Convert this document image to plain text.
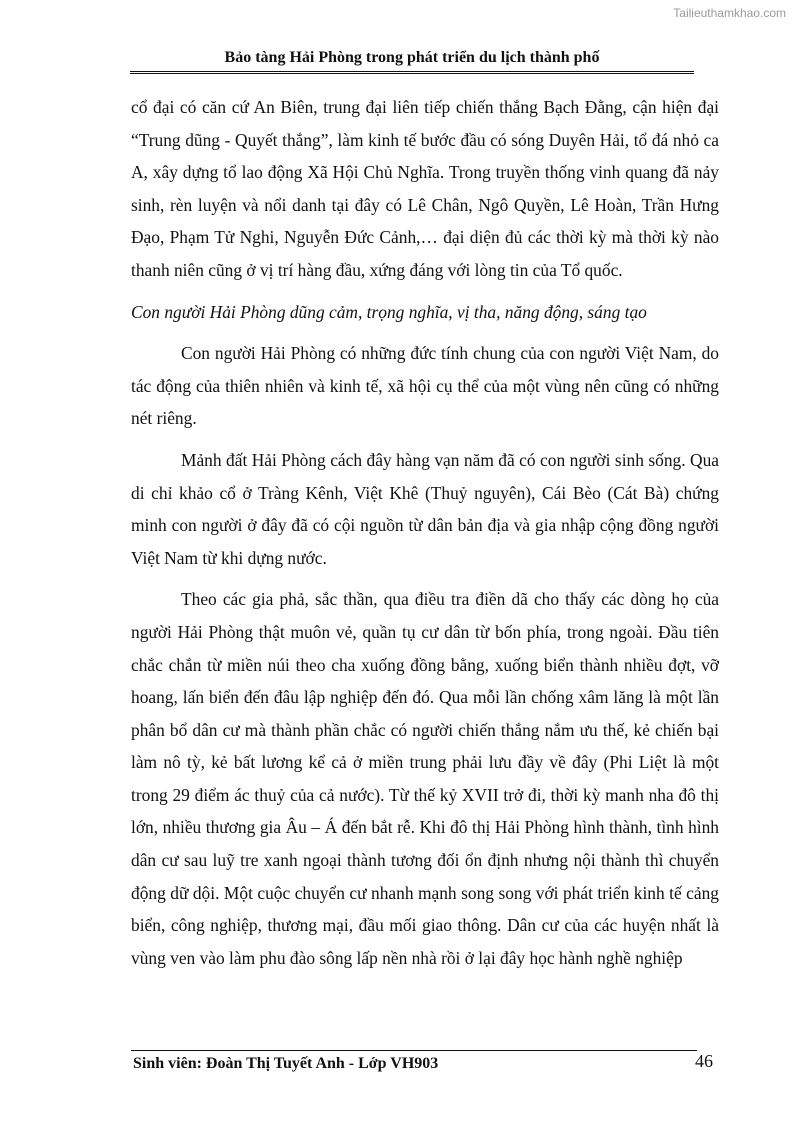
Tailieuthamkhao.com
Bảo tàng Hải Phòng trong phát triển du lịch thành phố

cổ đại có căn cứ An Biên, trung đại liên tiếp chiến thắng Bạch Đằng, cận hiện đại “Trung dũng - Quyết thắng”, làm kinh tế bước đầu có sóng Duyên Hải, tổ đá nhỏ ca A, xây dựng tổ lao động Xã Hội Chủ Nghĩa. Trong truyền thống vinh quang đã nảy sinh, rèn luyện và nổi danh tại đây có Lê Chân, Ngô Quyền, Lê Hoàn, Trần Hưng Đạo, Phạm Tử Nghi, Nguyễn Đức Cảnh,… đại diện đủ các thời kỳ mà thời kỳ nào thanh niên cũng ở vị trí hàng đầu, xứng đáng với lòng tin của Tổ quốc.

Con người Hải Phòng dũng cảm, trọng nghĩa, vị tha, năng động, sáng tạo

Con người Hải Phòng có những đức tính chung của con người Việt Nam, do tác động của thiên nhiên và kinh tế, xã hội cụ thể của một vùng nên cũng có những nét riêng.

Mảnh đất Hải Phòng cách đây hàng vạn năm đã có con người sinh sống. Qua di chỉ khảo cổ ở Tràng Kênh, Việt Khê (Thuỷ nguyên), Cái Bèo (Cát Bà) chứng minh con người ở đây đã có cội nguồn từ dân bản địa và gia nhập cộng đồng người Việt Nam từ khi dựng nước.

Theo các gia phả, sắc thần, qua điều tra điền dã cho thấy các dòng họ của người Hải Phòng thật muôn vẻ, quần tụ cư dân từ bốn phía, trong ngoài. Đầu tiên chắc chắn từ miền núi theo cha xuống đồng bằng, xuống biển thành nhiều đợt, vỡ hoang, lấn biển đến đâu lập nghiệp đến đó. Qua mỗi lần chống xâm lăng là một lần phân bổ dân cư mà thành phần chắc có người chiến thắng nắm ưu thế, kẻ chiến bại làm nô tỳ, kẻ bất lương kể cả ở miền trung phải lưu đầy về đây (Phi Liệt là một trong 29 điểm ác thuỷ của cả nước). Từ thế kỷ XVII trở đi, thời kỳ manh nha đô thị lớn, nhiều thương gia Âu – Á đến bắt rễ. Khi đô thị Hải Phòng hình thành, tình hình dân cư sau luỹ tre xanh ngoại thành tương đối ổn định nhưng nội thành thì chuyển động dữ dội. Một cuộc chuyển cư nhanh mạnh song song với phát triển kinh tế cảng biển, công nghiệp, thương mại, đầu mối giao thông. Dân cư của các huyện nhất là vùng ven vào làm phu đào sông lấp nền nhà rồi ở lại đây học hành nghề nghiệp

Sinh viên: Đoàn Thị Tuyết Anh - Lớp VH903	46
